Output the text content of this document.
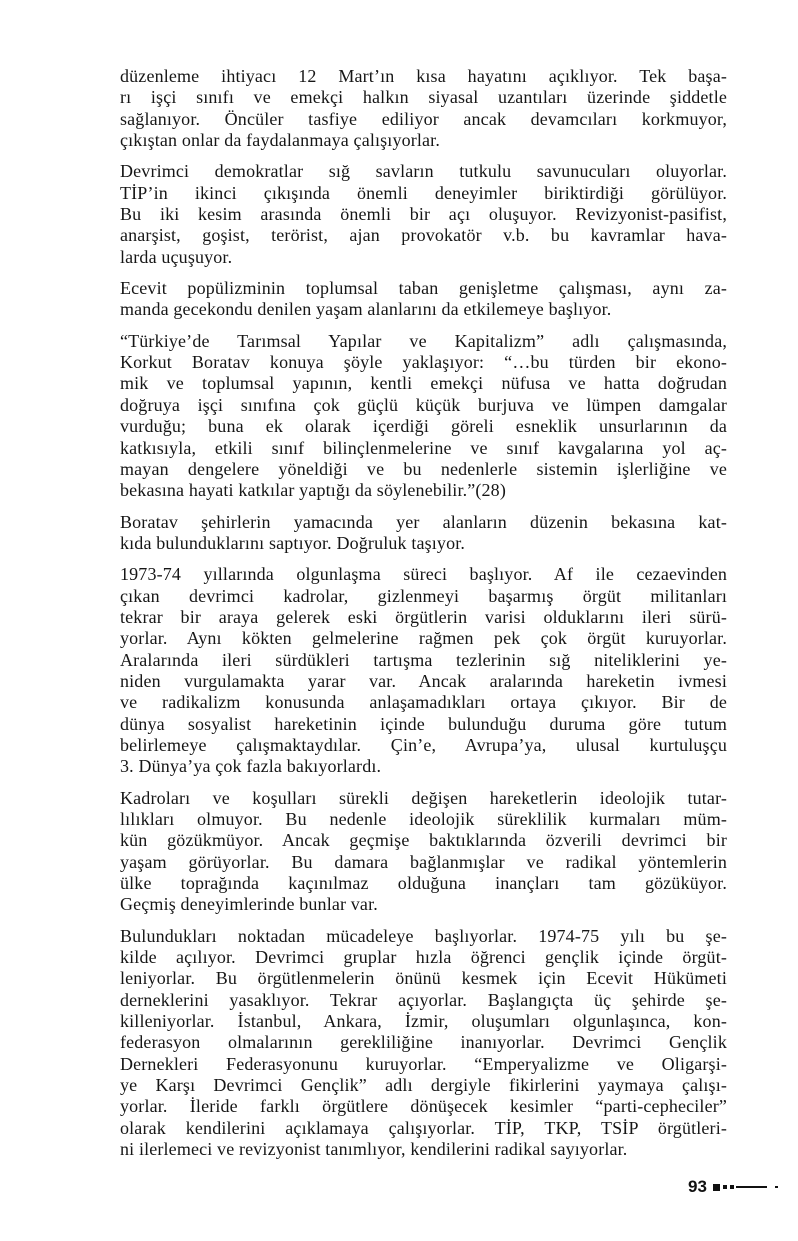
düzenleme ihtiyacı 12 Mart’ın kısa hayatını açıklıyor. Tek başa-
rı işçi sınıfı ve emekçi halkın siyasal uzantıları üzerinde şiddetle
sağlanıyor. Öncüler tasfiye ediliyor ancak devamcıları korkmuyor,
çıkıştan onlar da faydalanmaya çalışıyorlar.

Devrimci demokratlar sığ savların tutkulu savunucuları oluyorlar.
TİP’in ikinci çıkışında önemli deneyimler biriktirdiği görülüyor.
Bu iki kesim arasında önemli bir açı oluşuyor. Revizyonist-pasifist,
anarşist, goşist, terörist, ajan provokatör v.b. bu kavramlar hava-
larda uçuşuyor.

Ecevit popülizminin toplumsal taban genişletme çalışması, aynı za-
manda gecekondu denilen yaşam alanlarını da etkilemeye başlıyor.

“Türkiye’de Tarımsal Yapılar ve Kapitalizm” adlı çalışmasında,
Korkut Boratav konuya şöyle yaklaşıyor: “…bu türden bir ekono-
mik ve toplumsal yapının, kentli emekçi nüfusa ve hatta doğrudan
doğruya işçi sınıfına çok güçlü küçük burjuva ve lümpen damgalar
vurduğu; buna ek olarak içerdiği göreli esneklik unsurlarının da
katkısıyla, etkili sınıf bilinçlenmelerine ve sınıf kavgalarına yol aç-
mayan dengelere yöneldiği ve bu nedenlerle sistemin işlerliğine ve
bekasına hayati katkılar yaptığı da söylenebilir.”(28)

Boratav şehirlerin yamacında yer alanların düzenin bekasına kat-
kıda bulunduklarını saptıyor. Doğruluk taşıyor.

1973-74 yıllarında olgunlaşma süreci başlıyor. Af ile cezaevinden
çıkan devrimci kadrolar, gizlenmeyi başarmış örgüt militanları
tekrar bir araya gelerek eski örgütlerin varisi olduklarını ileri sürü-
yorlar. Aynı kökten gelmelerine rağmen pek çok örgüt kuruyorlar.
Aralarında ileri sürdükleri tartışma tezlerinin sığ niteliklerini ye-
niden vurgulamakta yarar var. Ancak aralarında hareketin ivmesi
ve radikalizm konusunda anlaşamadıkları ortaya çıkıyor. Bir de
dünya sosyalist hareketinin içinde bulunduğu duruma göre tutum
belirlemeye çalışmaktaydılar. Çin’e, Avrupa’ya, ulusal kurtuluşçu
3. Dünya’ya çok fazla bakıyorlardı.

Kadroları ve koşulları sürekli değişen hareketlerin ideolojik tutar-
lılıkları olmuyor. Bu nedenle ideolojik süreklilik kurmaları müm-
kün gözükmüyor. Ancak geçmişe baktıklarında özverili devrimci bir
yaşam görüyorlar. Bu damara bağlanmışlar ve radikal yöntemlerin
ülke toprağında kaçınılmaz olduğuna inançları tam gözüküyor.
Geçmiş deneyimlerinde bunlar var.

Bulundukları noktadan mücadeleye başlıyorlar. 1974-75 yılı bu şe-
kilde açılıyor. Devrimci gruplar hızla öğrenci gençlik içinde örgüt-
leniyorlar. Bu örgütlenmelerin önünü kesmek için Ecevit Hükümeti
derneklerini yasaklıyor. Tekrar açıyorlar. Başlangıçta üç şehirde şe-
killeniyorlar. İstanbul, Ankara, İzmir, oluşumları olgunlaşınca, kon-
federasyon olmalarının gerekliliğine inanıyorlar. Devrimci Gençlik
Dernekleri Federasyonunu kuruyorlar. “Emperyalizme ve Oligarşi-
ye Karşı Devrimci Gençlik” adlı dergiyle fikirlerini yaymaya çalışı-
yorlar. İleride farklı örgütlere dönüşecek kesimler “parti-cepheciler”
olarak kendilerini açıklamaya çalışıyorlar. TİP, TKP, TSİP örgütleri-
ni ilerlemeci ve revizyonist tanımlıyor, kendilerini radikal sayıyorlar.

93
